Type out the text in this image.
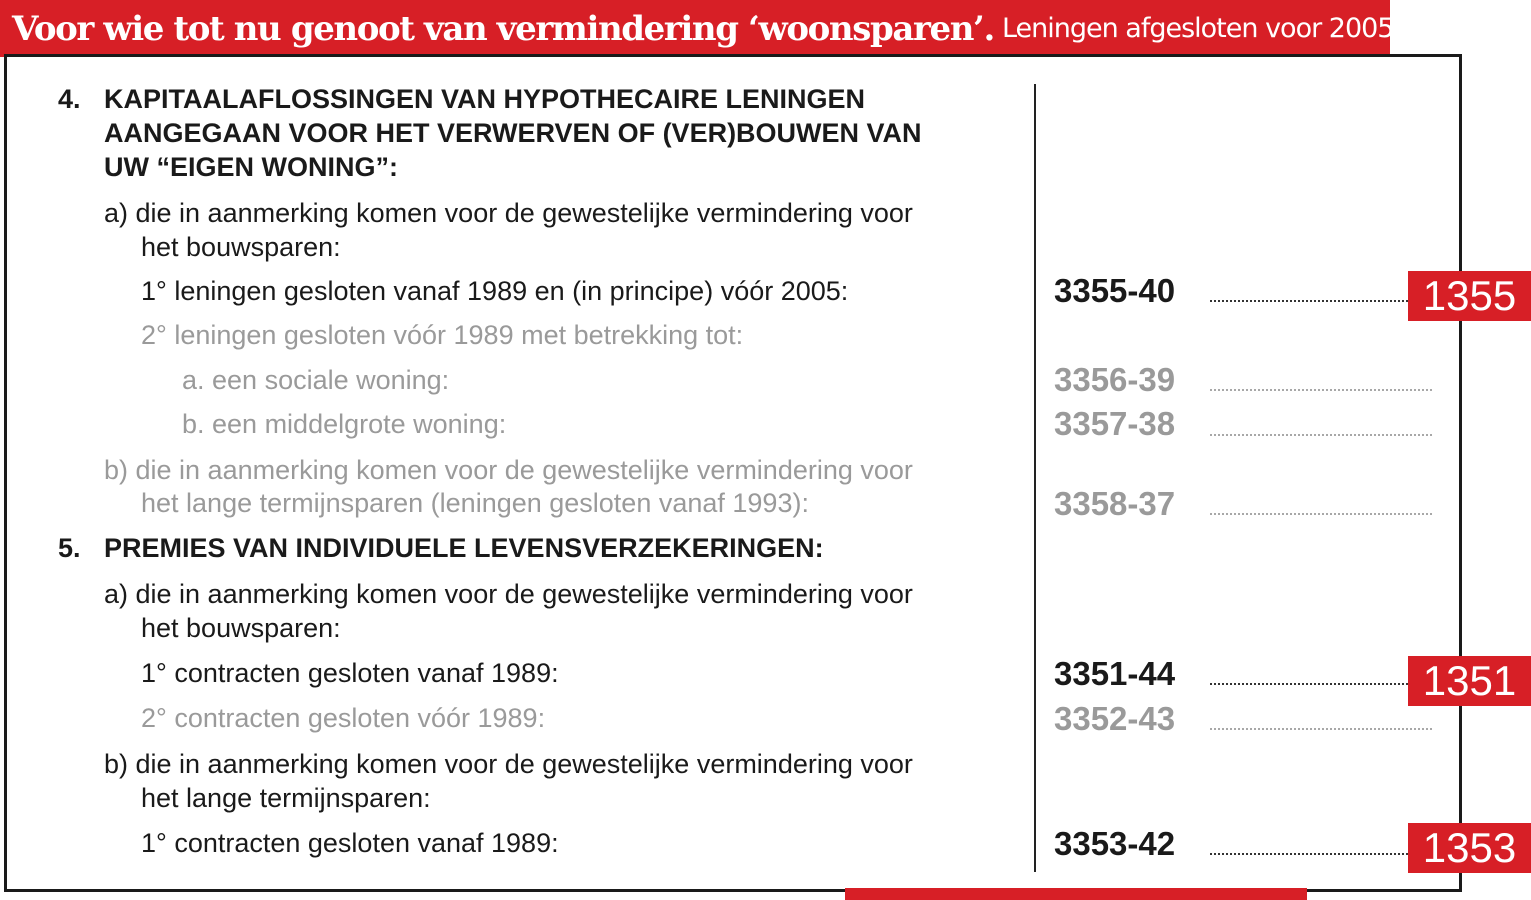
Voor wie tot nu genoot van vermindering ‘woonsparen’. Leningen afgesloten voor 2005
4. KAPITAALAFLOSSINGEN VAN HYPOTHECAIRE LENINGEN
AANGEGAAN VOOR HET VERWERVEN OF (VER)BOUWEN VAN
UW “EIGEN WONING”:
a) die in aanmerking komen voor de gewestelijke vermindering voor
het bouwsparen:
1° leningen gesloten vanaf 1989 en (in principe) vóór 2005:
2° leningen gesloten vóór 1989 met betrekking tot:
a. een sociale woning:
b. een middelgrote woning:
b) die in aanmerking komen voor de gewestelijke vermindering voor
het lange termijnsparen (leningen gesloten vanaf 1993):
5. PREMIES VAN INDIVIDUELE LEVENSVERZEKERINGEN:
a) die in aanmerking komen voor de gewestelijke vermindering voor
het bouwsparen:
1° contracten gesloten vanaf 1989:
2° contracten gesloten vóór 1989:
b) die in aanmerking komen voor de gewestelijke vermindering voor
het lange termijnsparen:
1° contracten gesloten vanaf 1989:
3355-40
3356-39
3357-38
3358-37
3351-44
3352-43
3353-42
1355
1351
1353
